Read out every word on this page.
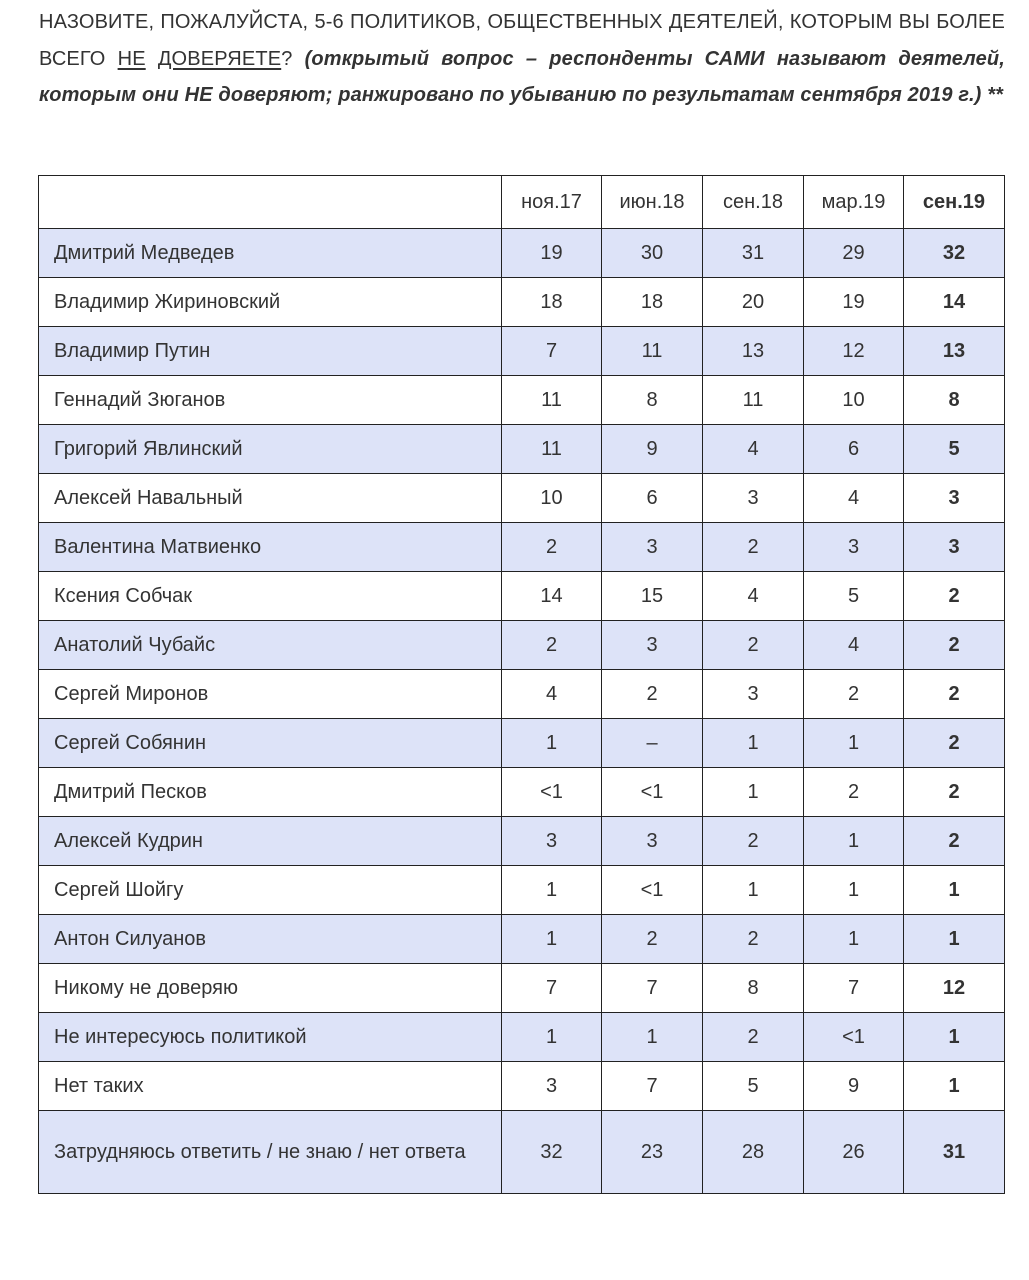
НАЗОВИТЕ, ПОЖАЛУЙСТА, 5-6 ПОЛИТИКОВ, ОБЩЕСТВЕННЫХ ДЕЯТЕЛЕЙ, КОТОРЫМ ВЫ БОЛЕЕ ВСЕГО НЕ ДОВЕРЯЕТЕ? (открытый вопрос – респонденты САМИ называют деятелей, которым они НЕ доверяют; ранжировано по убыванию по результатам сентября 2019 г.) **
	ноя.17	июн.18	сен.18	мар.19	сен.19
Дмитрий Медведев	19	30	31	29	32
Владимир Жириновский	18	18	20	19	14
Владимир Путин	7	11	13	12	13
Геннадий Зюганов	11	8	11	10	8
Григорий Явлинский	11	9	4	6	5
Алексей Навальный	10	6	3	4	3
Валентина Матвиенко	2	3	2	3	3
Ксения Собчак	14	15	4	5	2
Анатолий Чубайс	2	3	2	4	2
Сергей Миронов	4	2	3	2	2
Сергей Собянин	1	–	1	1	2
Дмитрий Песков	<1	<1	1	2	2
Алексей Кудрин	3	3	2	1	2
Сергей Шойгу	1	<1	1	1	1
Антон Силуанов	1	2	2	1	1
Никому не доверяю	7	7	8	7	12
Не интересуюсь политикой	1	1	2	<1	1
Нет таких	3	7	5	9	1
Затрудняюсь ответить / не знаю / нет ответа	32	23	28	26	31
